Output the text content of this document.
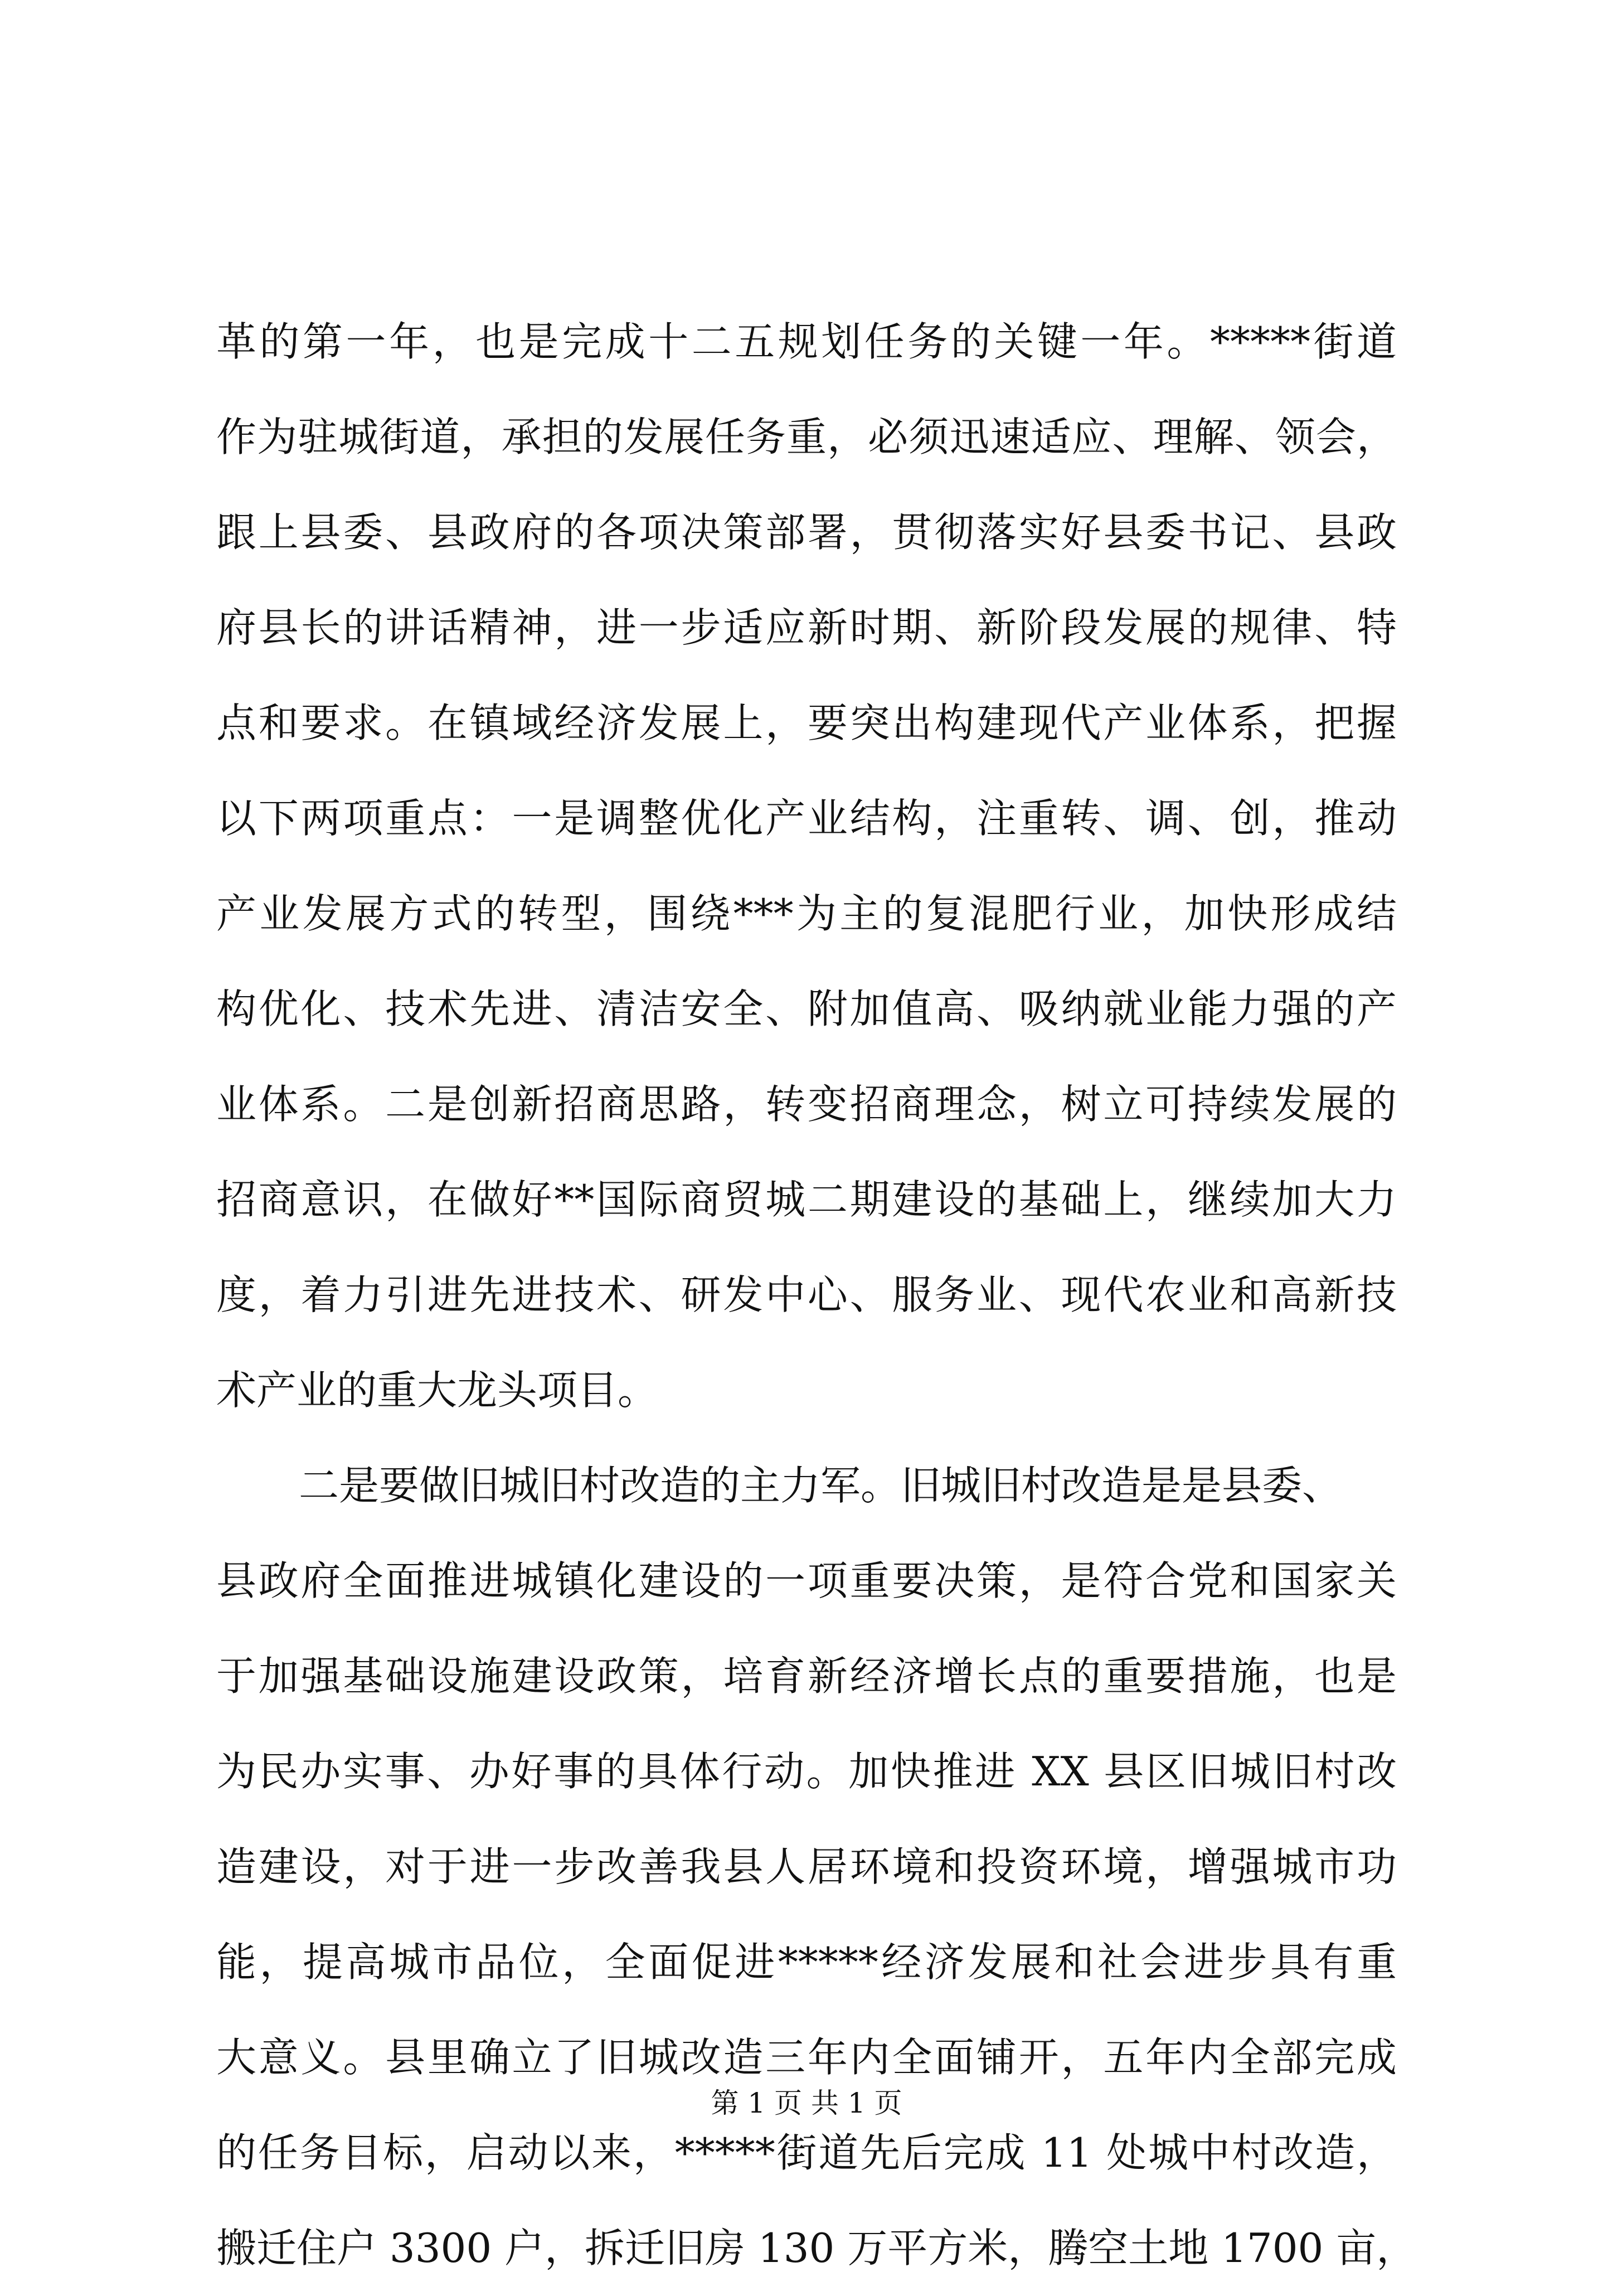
革的第一年，也是完成十二五规划任务的关键一年。*****街道
作为驻城街道，承担的发展任务重，必须迅速适应、理解、领会，
跟上县委、县政府的各项决策部署，贯彻落实好县委书记、县政
府县长的讲话精神，进一步适应新时期、新阶段发展的规律、特
点和要求。在镇域经济发展上，要突出构建现代产业体系，把握
以下两项重点：一是调整优化产业结构，注重转、调、创，推动
产业发展方式的转型，围绕***为主的复混肥行业，加快形成结
构优化、技术先进、清洁安全、附加值高、吸纳就业能力强的产
业体系。二是创新招商思路，转变招商理念，树立可持续发展的
招商意识，在做好**国际商贸城二期建设的基础上，继续加大力
度，着力引进先进技术、研发中心、服务业、现代农业和高新技
术产业的重大龙头项目。
二是要做旧城旧村改造的主力军。旧城旧村改造是是县委、
县政府全面推进城镇化建设的一项重要决策，是符合党和国家关
于加强基础设施建设政策，培育新经济增长点的重要措施，也是
为民办实事、办好事的具体行动。加快推进 XX 县区旧城旧村改
造建设，对于进一步改善我县人居环境和投资环境，增强城市功
能，提高城市品位，全面促进*****经济发展和社会进步具有重
大意义。县里确立了旧城改造三年内全面铺开，五年内全部完成
的任务目标，启动以来，*****街道先后完成 11 处城中村改造，
搬迁住户 3300 户，拆迁旧房 130 万平方米，腾空土地 1700 亩，
第 1 页 共 1 页
